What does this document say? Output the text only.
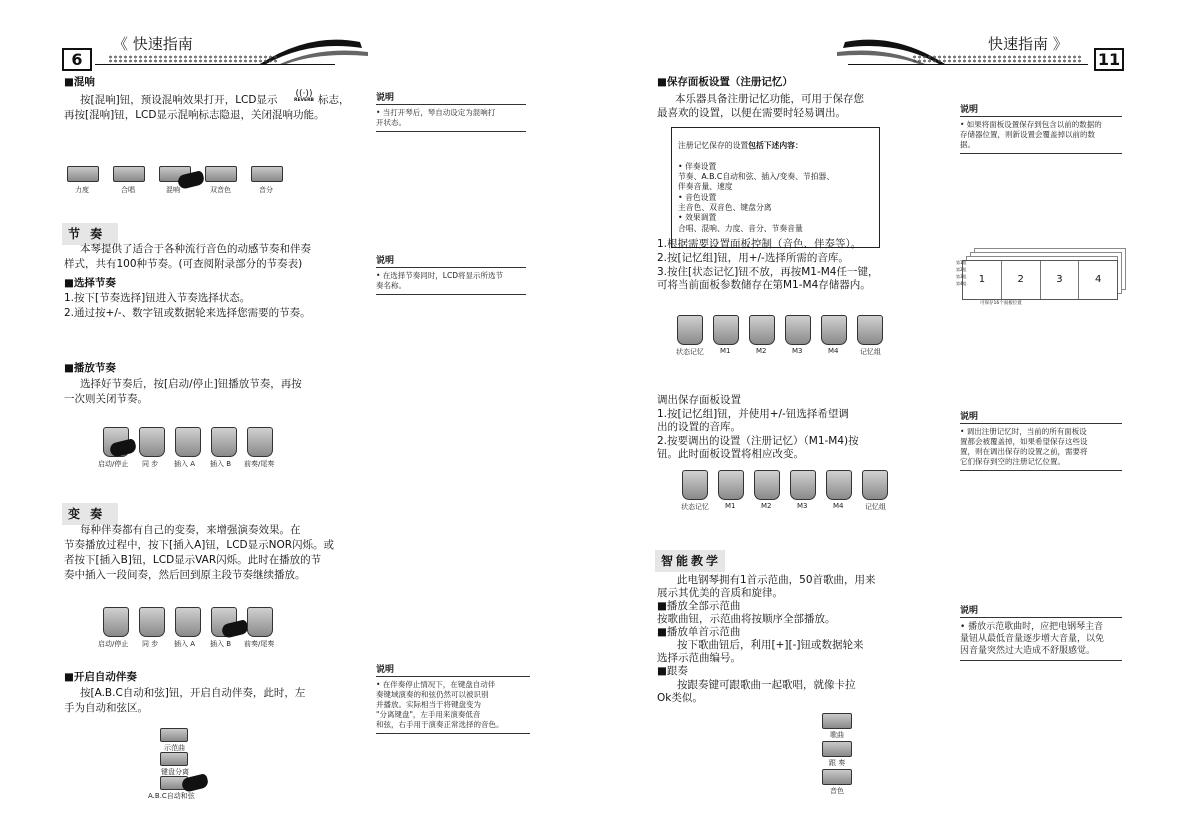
6
《 快速指南
■混响
按[混响]钮，预设混响效果打开，LCD显示 ((·))
REVERB 标志，
再按[混响]钮，LCD显示混响标志隐退，关闭混响功能。
说明
• 当打开琴后，琴自动设定为混响打
开状态。
力度	合唱	混响	双音色	音分
节 奏
本琴提供了适合于各种流行音色的动感节奏和伴奏
样式，共有100种节奏。(可查阅附录部分的节奏表)
■选择节奏
1.按下[节奏选择]钮进入节奏选择状态。
2.通过按+/-、数字钮或数据轮来选择您需要的节奏。
说明
• 在选择节奏同时，LCD将显示所选节
奏名称。
■播放节奏
选择好节奏后，按[启动/停止]钮播放节奏，再按
一次则关闭节奏。
启动/停止 同 步 插入 A 插入 B 前奏/尾奏
变 奏
每种伴奏都有自己的变奏，来增强演奏效果。在
节奏播放过程中，按下[插入A]钮，LCD显示NOR闪烁。或
者按下[插入B]钮，LCD显示VAR闪烁。此时在播放的节
奏中插入一段间奏，然后回到原主段节奏继续播放。
启动/停止 同 步 插入 A 插入 B 前奏/尾奏
■开启自动伴奏
按[A.B.C自动和弦]钮，开启自动伴奏，此时，左
手为自动和弦区。
说明
• 在伴奏停止情况下，在键盘自动伴
奏键域演奏的和弦仍然可以被识别
并播放。实际相当于将键盘变为
"分离键盘"，左手用来演奏低音
和弦，右手用于演奏正常选择的音色。
示范曲
键盘分离
A.B.C自动和弦
11
快速指南 》
■保存面板设置（注册记忆）
本乐器具备注册记忆功能，可用于保存您
最喜欢的设置，以便在需要时轻易调出。

注册记忆保存的设置包括下述内容：

• 伴奏设置
节奏、A.B.C自动和弦、插入/变奏、节拍器、
伴奏音量、速度
• 音色设置
主音色、双音色、键盘分离
• 效果调置
合唱、混响、力度、音分、节奏音量

1.根据需要设置面板控制（音色、伴奏等）。
2.按[记忆组]钮，用+/-选择所需的音库。
3.按住[状态记忆]钮不放，再按M1-M4任一键，
可将当前面板参数储存在第M1-M4存储器内。
说明
• 如果将面板设置保存到包含以前的数据的
存储器位置，则新设置会覆盖掉以前的数
据。
1	2	3	4
第1组
第2组
第3组
第4组
可保存16个面板位置
状态记忆 M1	M2	M3	M4	记忆组
调出保存面板设置
1.按[记忆组]钮，并使用+/-钮选择希望调
出的设置的音库。
2.按要调出的设置（注册记忆）（M1-M4)按
钮。此时面板设置将相应改变。
说明
• 调出注册记忆时，当前的所有面板设
置都会被覆盖掉，如果希望保存这些设
置，则在调出保存的设置之前，需要将
它们保存到空的注册记忆位置。
状态记忆 M1	M2	M3	M4	记忆组
智能教学
此电钢琴拥有1首示范曲，50首歌曲，用来
展示其优美的音质和旋律。
■播放全部示范曲
按歌曲钮，示范曲将按顺序全部播放。
■播放单首示范曲
按下歌曲钮后，利用[+][-]钮或数据轮来
选择示范曲编号。
■跟奏
按跟奏键可跟歌曲一起歌唱，就像卡拉
Ok类似。
说明
• 播放示范歌曲时，应把电钢琴主音
量钮从最低音量逐步增大音量，以免
因音量突然过大造成不舒服感觉。
歌曲
跟 奏
音色
